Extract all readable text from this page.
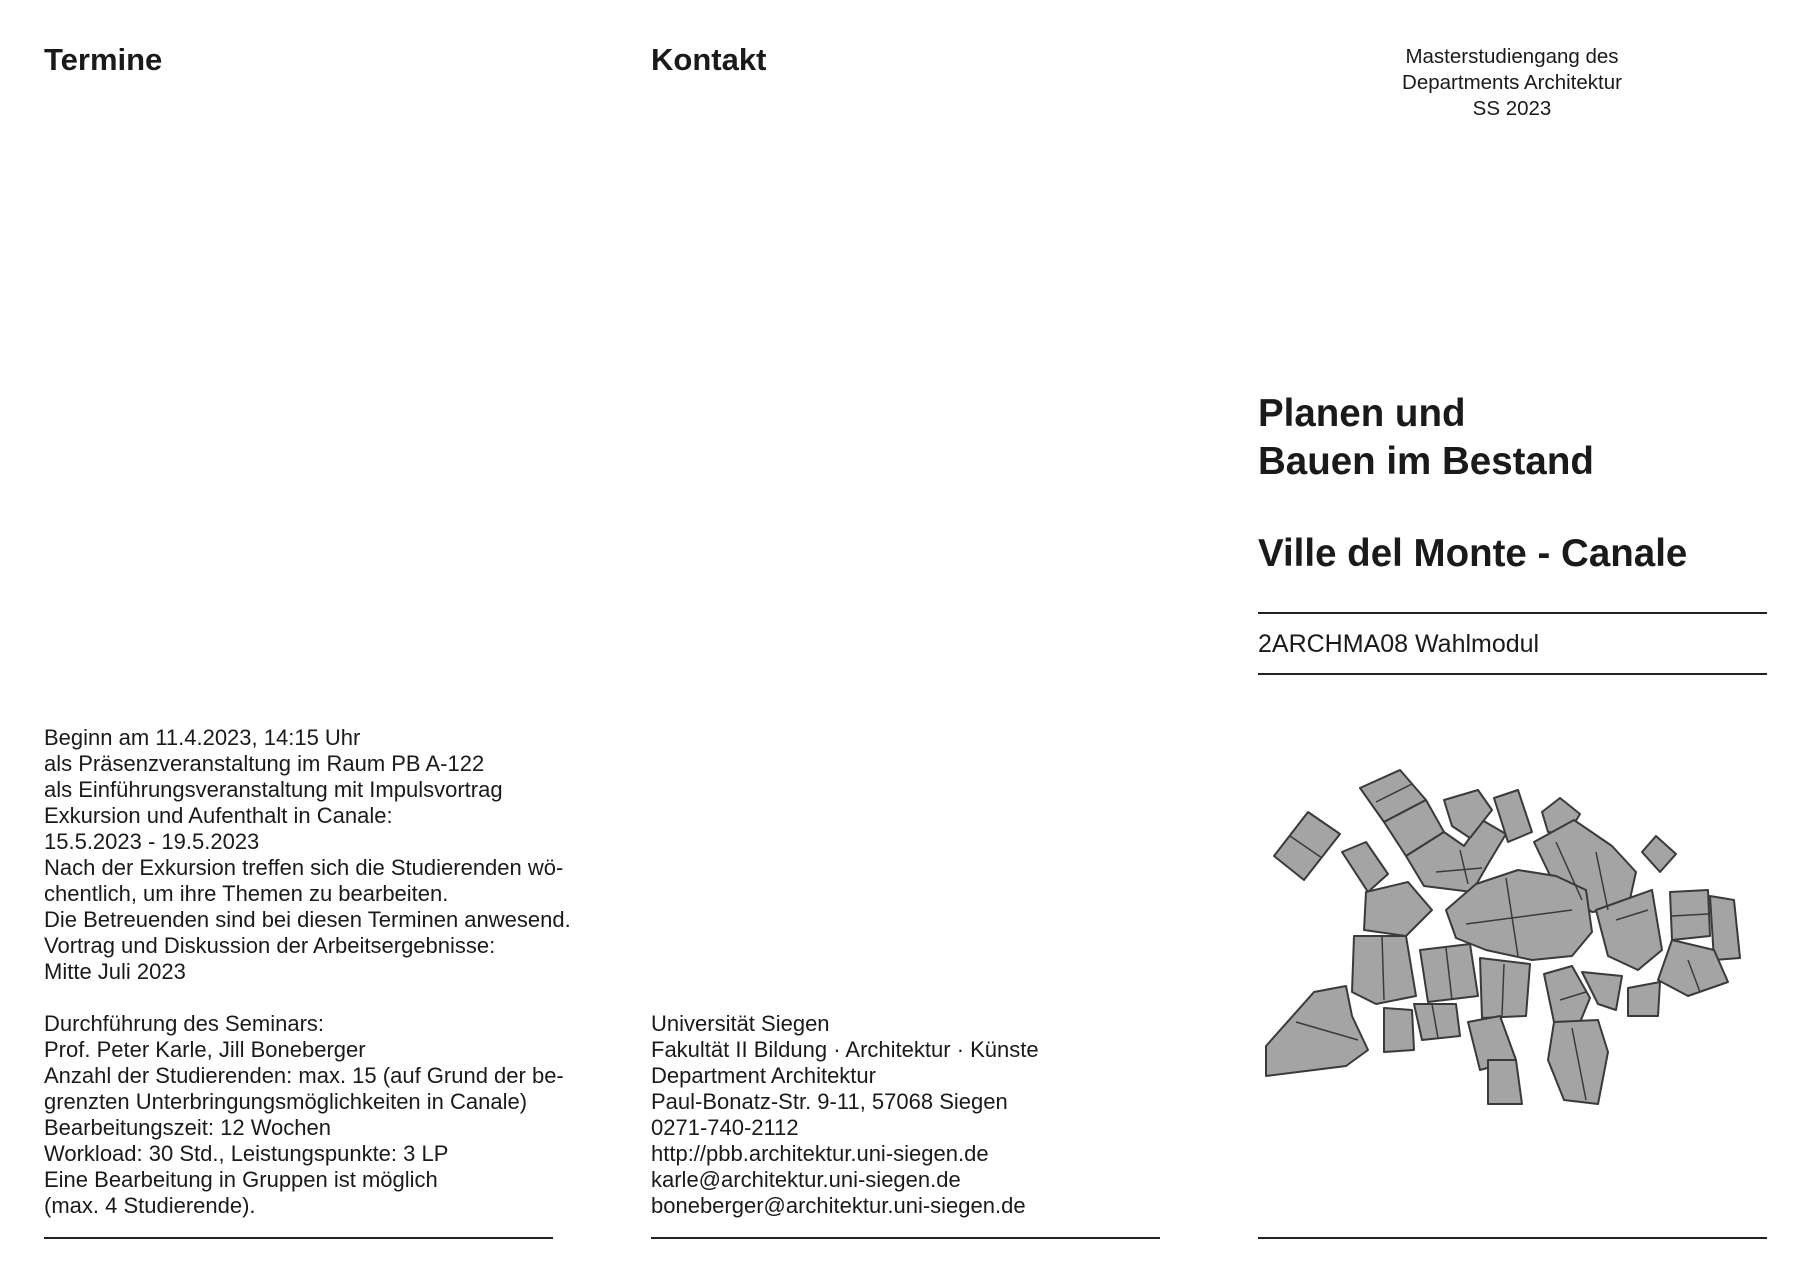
Termine
Beginn am 11.4.2023, 14:15 Uhr
als Präsenzveranstaltung im Raum PB A-122
als Einführungsveranstaltung mit Impulsvortrag
Exkursion und Aufenthalt in Canale:
15.5.2023 - 19.5.2023
Nach der Exkursion treffen sich die Studierenden wö-
chentlich, um ihre Themen zu bearbeiten.
Die Betreuenden sind bei diesen Terminen anwesend.
Vortrag und Diskussion der Arbeitsergebnisse:
Mitte Juli 2023
Durchführung des Seminars:
Prof. Peter Karle, Jill Boneberger
Anzahl der Studierenden: max. 15 (auf Grund der be-
grenzten Unterbringungsmöglichkeiten in Canale)
Bearbeitungszeit: 12 Wochen
Workload: 30 Std., Leistungspunkte: 3 LP
Eine Bearbeitung in Gruppen ist möglich
(max. 4 Studierende).
Kontakt
Universität Siegen
Fakultät II Bildung · Architektur · Künste
Department Architektur
Paul-Bonatz-Str. 9-11, 57068 Siegen
0271-740-2112
http://pbb.architektur.uni-siegen.de
karle@architektur.uni-siegen.de
boneberger@architektur.uni-siegen.de
Masterstudiengang des
Departments Architektur
SS 2023
Planen und
Bauen im Bestand
Ville del Monte - Canale
2ARCHMA08 Wahlmodul
